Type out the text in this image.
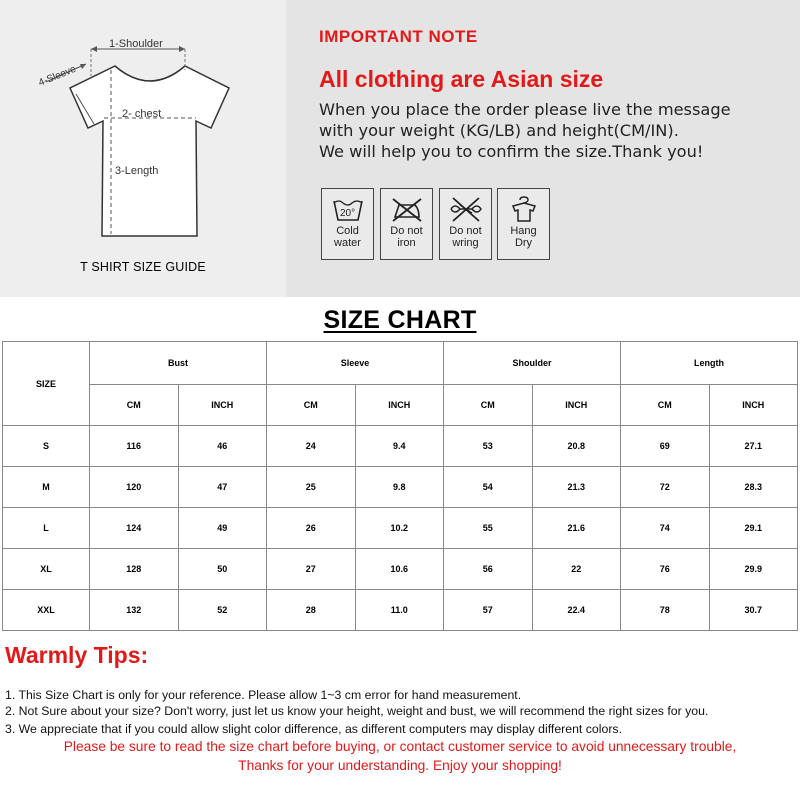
1-Shoulder
2- chest
3-Length
4-Sleeve
T SHIRT SIZE GUIDE
IMPORTANT NOTE
All clothing are Asian size
When you place the order please live the message
with your weight (KG/LB) and height(CM/IN).
We will help you to confirm the size.Thank you!
20°
Cold
water
Do not
iron
Do not
wring
Hang
Dry
SIZE CHART
SIZE	Bust		Sleeve		Shoulder		Length	
	CM	INCH	CM	INCH	CM	INCH	CM	INCH
S	116	46	24	9.4	53	20.8	69	27.1
M	120	47	25	9.8	54	21.3	72	28.3
L	124	49	26	10.2	55	21.6	74	29.1
XL	128	50	27	10.6	56	22	76	29.9
XXL	132	52	28	11.0	57	22.4	78	30.7
Warmly Tips:
1. This Size Chart is only for your reference. Please allow 1~3 cm error for hand measurement.
2. Not Sure about your size? Don't worry, just let us know your height, weight and bust, we will recommend the right sizes for you.
3. We appreciate that if you could allow slight color difference, as different computers may display different colors.
Please be sure to read the size chart before buying, or contact customer service to avoid unnecessary trouble,
Thanks for your understanding. Enjoy your shopping!
